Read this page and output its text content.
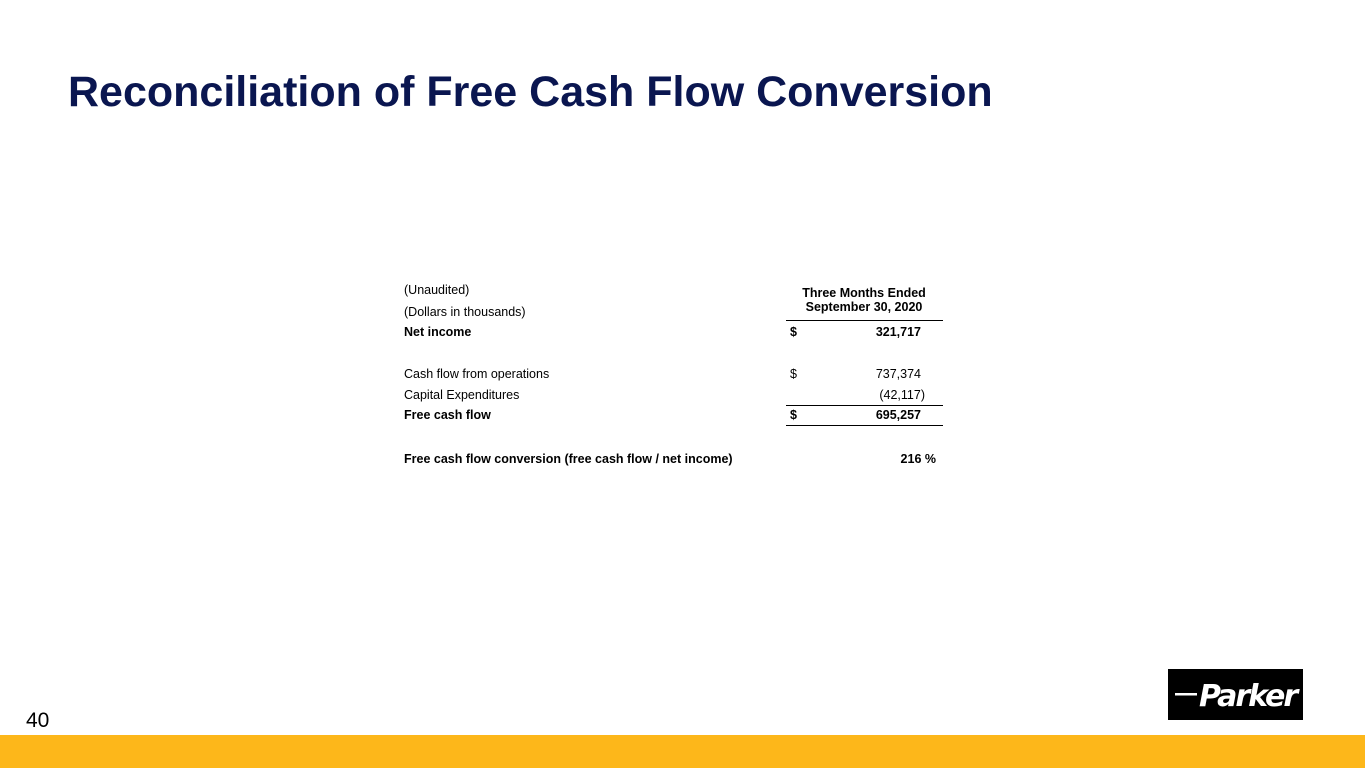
Reconciliation of Free Cash Flow Conversion
(Unaudited)
(Dollars in thousands)
Three Months Ended
September 30, 2020
Net income	$	321,717
Cash flow from operations	$	737,374
Capital Expenditures	(42,117)
Free cash flow	$	695,257
Free cash flow conversion (free cash flow / net income)	216 %
Parker
40
